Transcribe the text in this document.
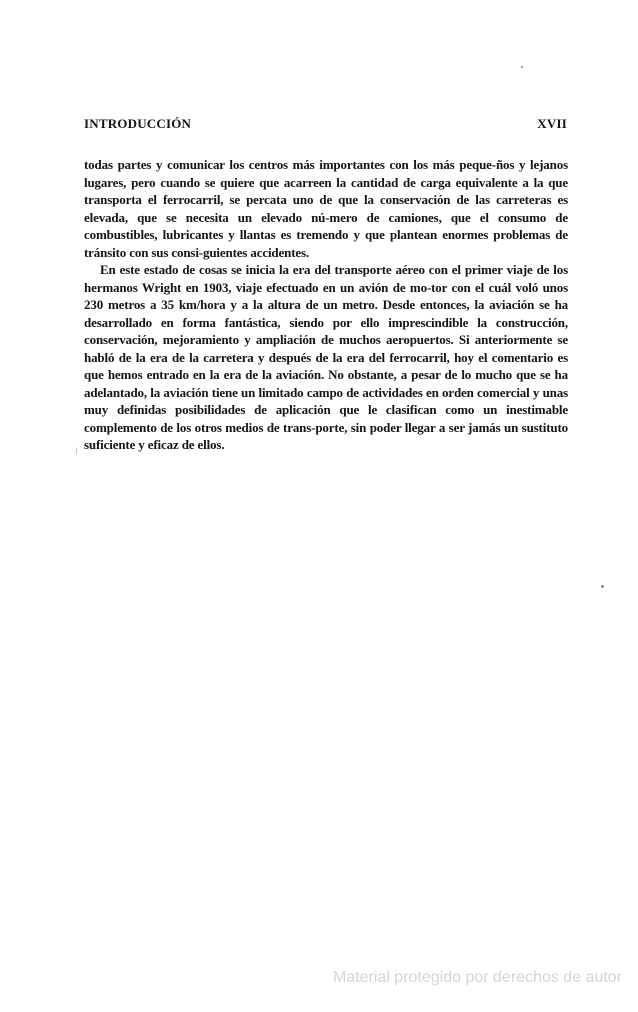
INTRODUCCIÓN	XVII

todas partes y comunicar los centros más importantes con los más peque-ños y lejanos lugares, pero cuando se quiere que acarreen la cantidad de carga equivalente a la que transporta el ferrocarril, se percata uno de que la conservación de las carreteras es elevada, que se necesita un elevado nú-mero de camiones, que el consumo de combustibles, lubricantes y llantas es tremendo y que plantean enormes problemas de tránsito con sus consi-guientes accidentes.

En este estado de cosas se inicia la era del transporte aéreo con el primer viaje de los hermanos Wright en 1903, viaje efectuado en un avión de mo-tor con el cuál voló unos 230 metros a 35 km/hora y a la altura de un metro. Desde entonces, la aviación se ha desarrollado en forma fantástica, siendo por ello imprescindible la construcción, conservación, mejoramiento y ampliación de muchos aeropuertos. Si anteriormente se habló de la era de la carretera y después de la era del ferrocarril, hoy el comentario es que hemos entrado en la era de la aviación. No obstante, a pesar de lo mucho que se ha adelantado, la aviación tiene un limitado campo de actividades en orden comercial y unas muy definidas posibilidades de aplicación que le clasifican como un inestimable complemento de los otros medios de trans-porte, sin poder llegar a ser jamás un sustituto suficiente y eficaz de ellos.

Material protegido por derechos de autor
